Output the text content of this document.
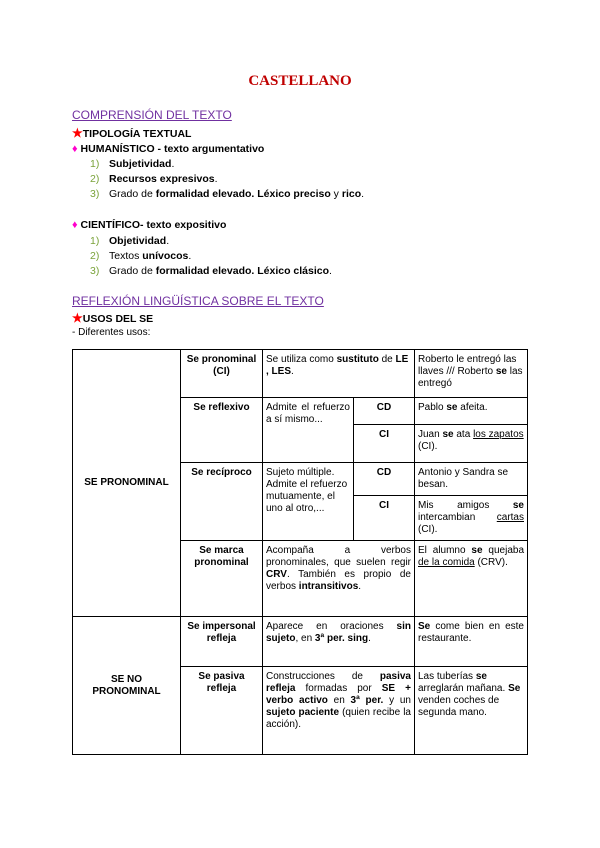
CASTELLANO
COMPRENSIÓN DEL TEXTO
★TIPOLOGÍA TEXTUAL
♦ HUMANÍSTICO - texto argumentativo
1) Subjetividad.
2) Recursos expresivos.
3) Grado de formalidad elevado. Léxico preciso y rico.
♦ CIENTÍFICO- texto expositivo
1) Objetividad.
2) Textos unívocos.
3) Grado de formalidad elevado. Léxico clásico.
REFLEXIÓN LINGÜÍSTICA SOBRE EL TEXTO
★USOS DEL SE
- Diferentes usos:
SE PRONOMINAL	Se pronominal (CI)	Se utiliza como sustituto de LE , LES.		Roberto le entregó las llaves /// Roberto se las entregó
	Se reflexivo	Admite el refuerzo a sí mismo...	CD	Pablo se afeita.
			CI	Juan se ata los zapatos (CI).
	Se recíproco	Sujeto múltiple. Admite el refuerzo mutuamente, el uno al otro,...	CD	Antonio y Sandra se besan.
			CI	Mis amigos se intercambian cartas (CI).
	Se marca pronominal	Acompaña a verbos pronominales, que suelen regir CRV. También es propio de verbos intransitivos.		El alumno se quejaba de la comida (CRV).
SE NO PRONOMINAL	Se impersonal refleja	Aparece en oraciones sin sujeto, en 3ª per. sing.		Se come bien en este restaurante.
	Se pasiva refleja	Construcciones de pasiva refleja formadas por SE + verbo activo en 3ª per. y un sujeto paciente (quien recibe la acción).		Las tuberías se arreglarán mañana. Se venden coches de segunda mano.
